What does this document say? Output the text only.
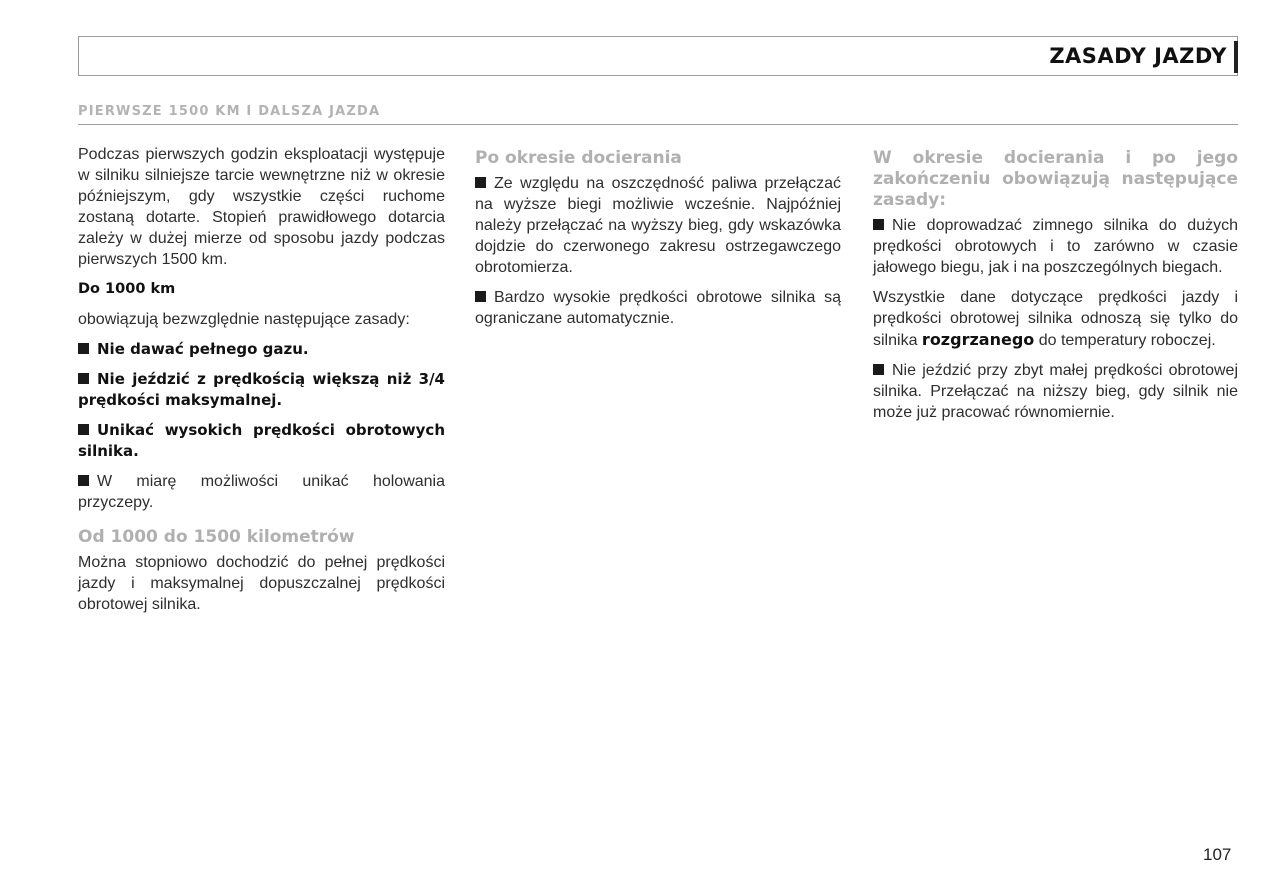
ZASADY JAZDY
PIERWSZE 1500 KM I DALSZA JAZDA

Podczas pierwszych godzin eksploatacji występuje w silniku silniejsze tarcie wewnętrzne niż w okresie późniejszym, gdy wszystkie części ruchome zostaną dotarte. Stopień prawidłowego dotarcia zależy w dużej mierze od sposobu jazdy podczas pierwszych 1500 km.

Do 1000 km

obowiązują bezwzględnie następujące zasady:

Nie dawać pełnego gazu.

Nie jeździć z prędkością większą niż 3/4 prędkości maksymalnej.

Unikać wysokich prędkości obrotowych silnika.

W miarę możliwości unikać holowania przyczepy.

Od 1000 do 1500 kilometrów

Można stopniowo dochodzić do pełnej prędkości jazdy i maksymalnej dopuszczalnej prędkości obrotowej silnika.

Po okresie docierania

Ze względu na oszczędność paliwa przełączać na wyższe biegi możliwie wcześnie. Najpóźniej należy przełączać na wyższy bieg, gdy wskazówka dojdzie do czerwonego zakresu ostrzegawczego obrotomierza.

Bardzo wysokie prędkości obrotowe silnika są ograniczane automatycznie.

W okresie docierania i po jego zakończeniu obowiązują następujące zasady:

Nie doprowadzać zimnego silnika do dużych prędkości obrotowych i to zarówno w czasie jałowego biegu, jak i na poszczególnych biegach.

Wszystkie dane dotyczące prędkości jazdy i prędkości obrotowej silnika odnoszą się tylko do silnika rozgrzanego do temperatury roboczej.

Nie jeździć przy zbyt małej prędkości obrotowej silnika. Przełączać na niższy bieg, gdy silnik nie może już pracować równomiernie.

107
